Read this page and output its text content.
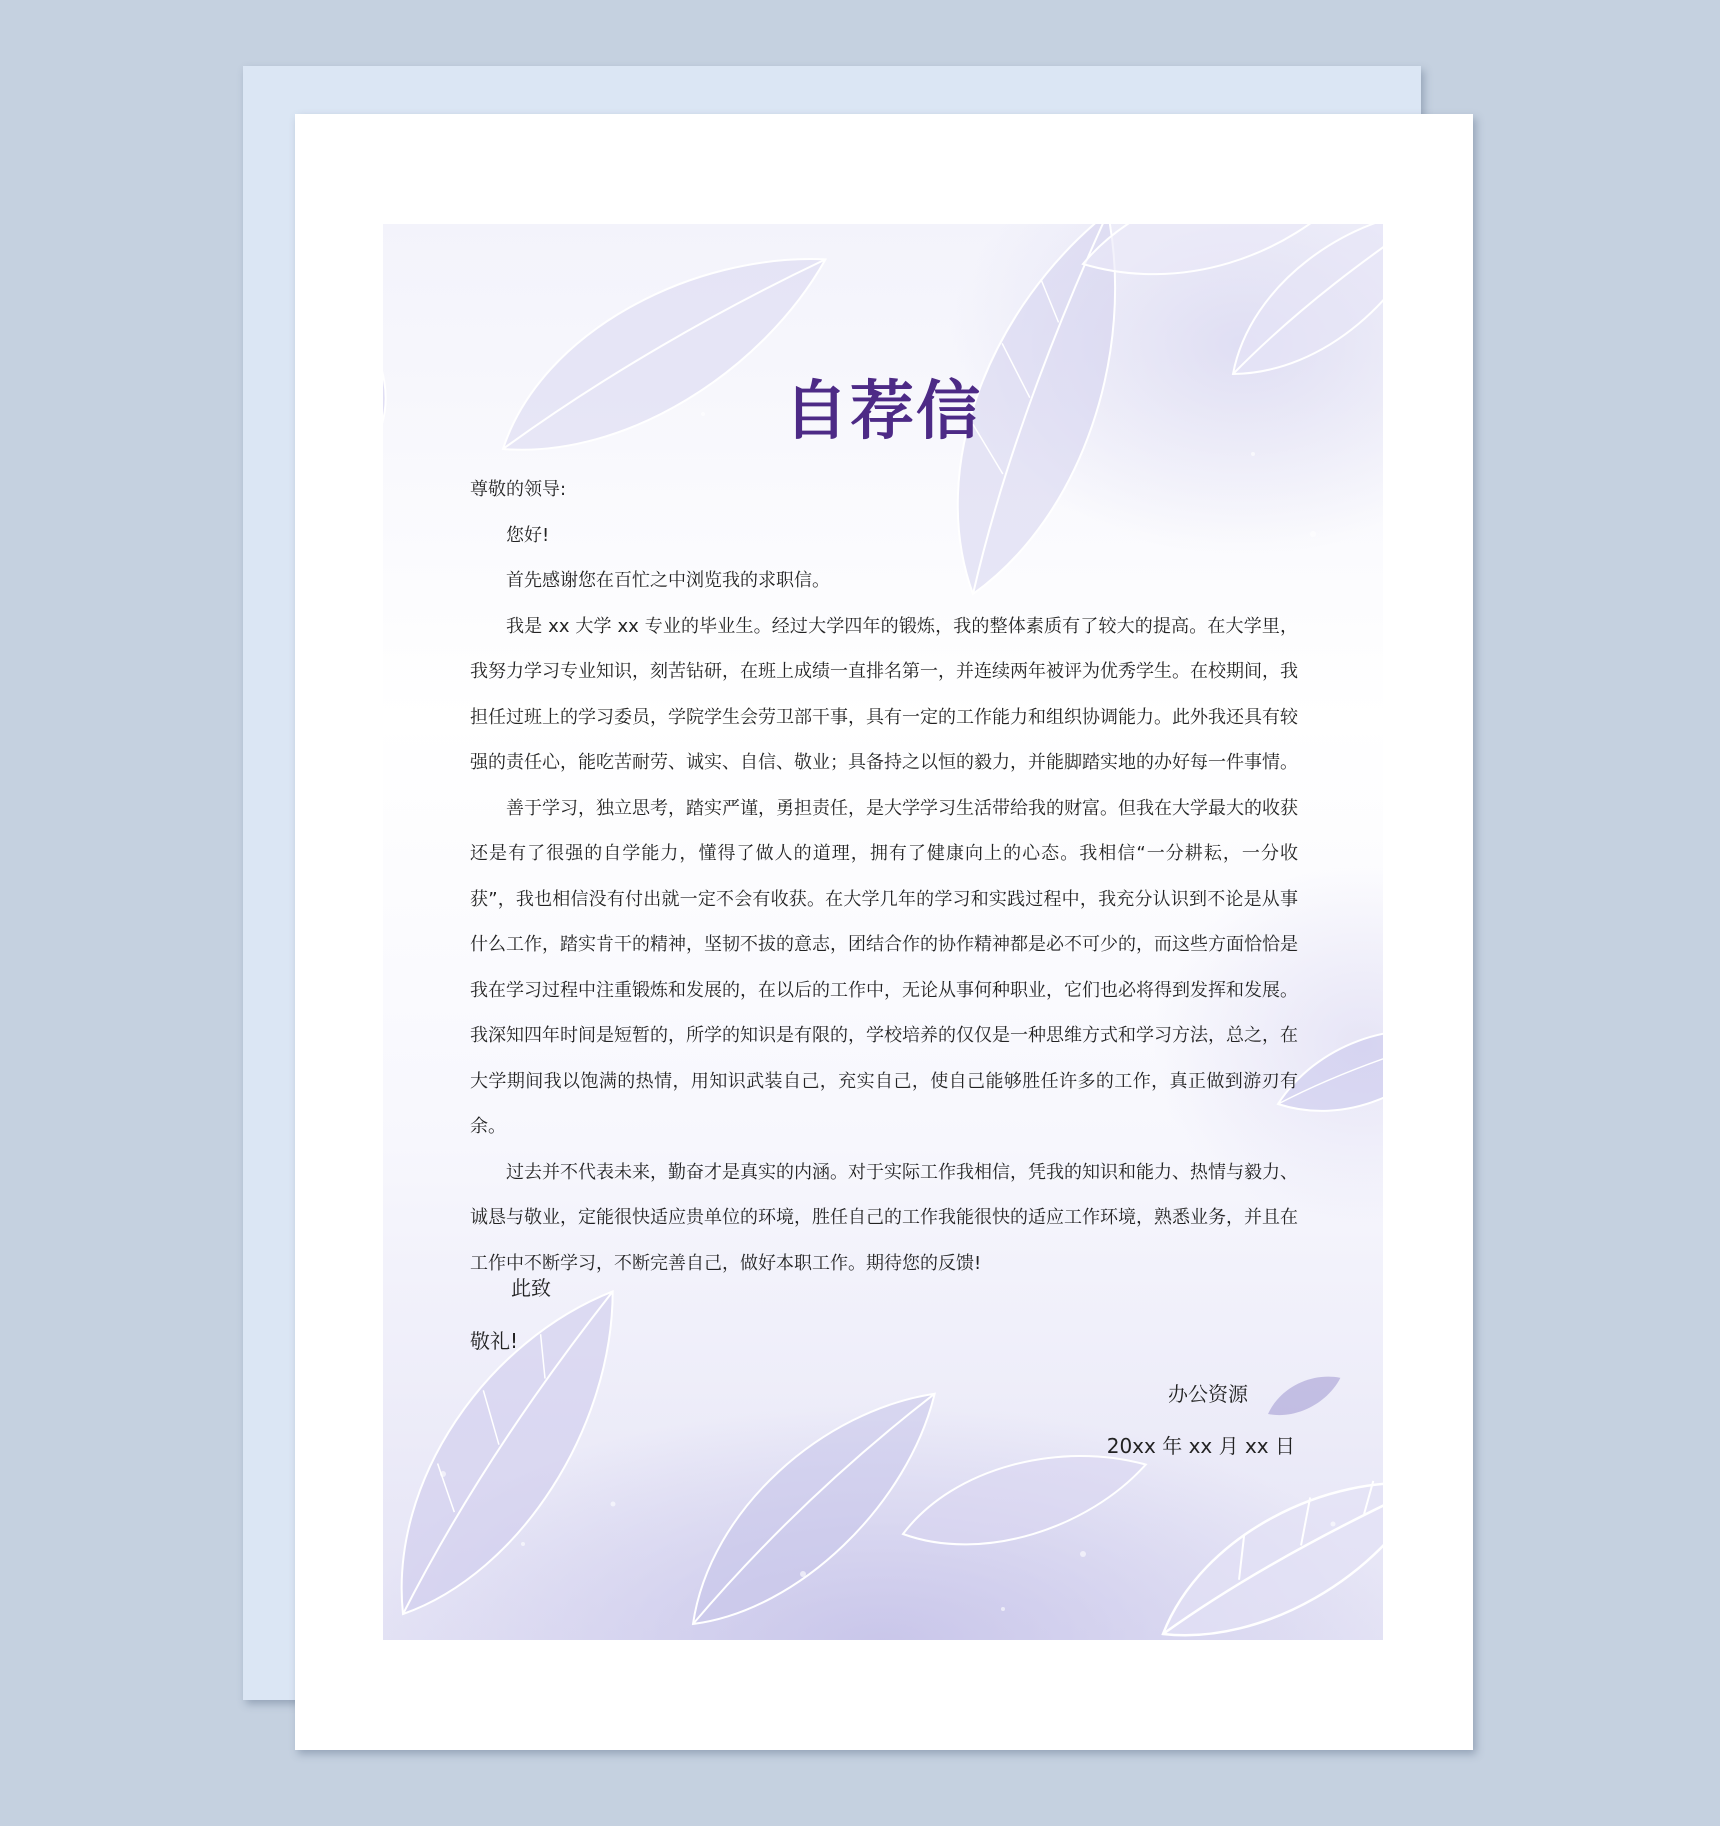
自荐信

尊敬的领导:

您好!

首先感谢您在百忙之中浏览我的求职信。

我是 xx 大学 xx 专业的毕业生。经过大学四年的锻炼，我的整体素质有了较大的提高。在大学里，我努力学习专业知识，刻苦钻研，在班上成绩一直排名第一，并连续两年被评为优秀学生。在校期间，我担任过班上的学习委员，学院学生会劳卫部干事，具有一定的工作能力和组织协调能力。此外我还具有较强的责任心，能吃苦耐劳、诚实、自信、敬业；具备持之以恒的毅力，并能脚踏实地的办好每一件事情。

善于学习，独立思考，踏实严谨，勇担责任，是大学学习生活带给我的财富。但我在大学最大的收获还是有了很强的自学能力，懂得了做人的道理，拥有了健康向上的心态。我相信“一分耕耘，一分收获”，我也相信没有付出就一定不会有收获。在大学几年的学习和实践过程中，我充分认识到不论是从事什么工作，踏实肯干的精神，坚韧不拔的意志，团结合作的协作精神都是必不可少的，而这些方面恰恰是我在学习过程中注重锻炼和发展的，在以后的工作中，无论从事何种职业，它们也必将得到发挥和发展。我深知四年时间是短暂的，所学的知识是有限的，学校培养的仅仅是一种思维方式和学习方法，总之，在大学期间我以饱满的热情，用知识武装自己，充实自己，使自己能够胜任许多的工作，真正做到游刃有余。

过去并不代表未来，勤奋才是真实的内涵。对于实际工作我相信，凭我的知识和能力、热情与毅力、诚恳与敬业，定能很快适应贵单位的环境，胜任自己的工作我能很快的适应工作环境，熟悉业务，并且在工作中不断学习，不断完善自己，做好本职工作。期待您的反馈!

此致
敬礼!
办公资源
20xx 年 xx 月 xx 日
